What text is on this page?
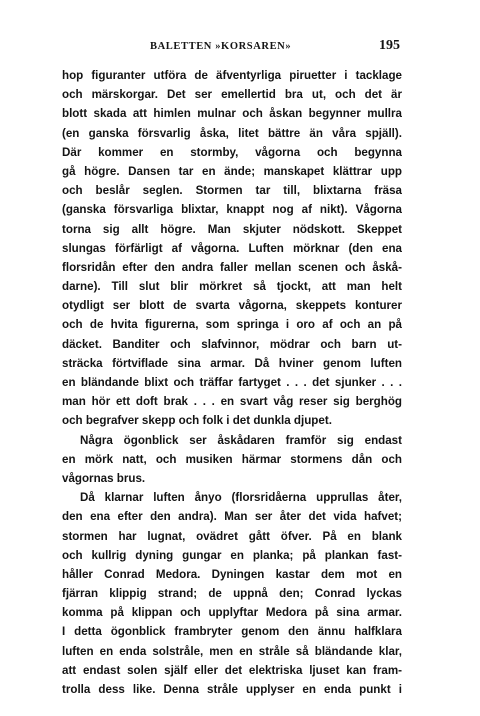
BALETTEN »KORSAREN»	195
hop figuranter utföra de äfventyrliga piruetter i tacklage
och märskorgar. Det ser emellertid bra ut, och det är
blott skada att himlen mulnar och åskan begynner mullra
(en ganska försvarlig åska, litet bättre än våra spjäll).
Där kommer en stormby, vågorna och begynna
gå högre. Dansen tar en ände; manskapet klättrar upp
och beslår seglen. Stormen tar till, blixtarna fräsa
(ganska försvarliga blixtar, knappt nog af nikt). Vågorna
torna sig allt högre. Man skjuter nödskott. Skeppet
slungas förfärligt af vågorna. Luften mörknar (den ena
florsridån efter den andra faller mellan scenen och åskå-
darne). Till slut blir mörkret så tjockt, att man helt
otydligt ser blott de svarta vågorna, skeppets konturer
och de hvita figurerna, som springa i oro af och an på
däcket. Banditer och slafvinnor, mödrar och barn ut-
sträcka förtviflade sina armar. Då hviner genom luften
en bländande blixt och träffar fartyget . . . det sjunker . . .
man hör ett doft brak . . . en svart våg reser sig berghög
och begrafver skepp och folk i det dunkla djupet.
Några ögonblick ser åskådaren framför sig endast
en mörk natt, och musiken härmar stormens dån och
vågornas brus.
Då klarnar luften ånyo (florsridåerna upprullas åter,
den ena efter den andra). Man ser åter det vida hafvet;
stormen har lugnat, ovädret gått öfver. På en blank
och kullrig dyning gungar en planka; på plankan fast-
håller Conrad Medora. Dyningen kastar dem mot en
fjärran klippig strand; de uppnå den; Conrad lyckas
komma på klippan och upplyftar Medora på sina armar.
I detta ögonblick frambryter genom den ännu halfklara
luften en enda solstråle, men en stråle så bländande klar,
att endast solen själf eller det elektriska ljuset kan fram-
trolla dess like. Denna stråle upplyser en enda punkt i
